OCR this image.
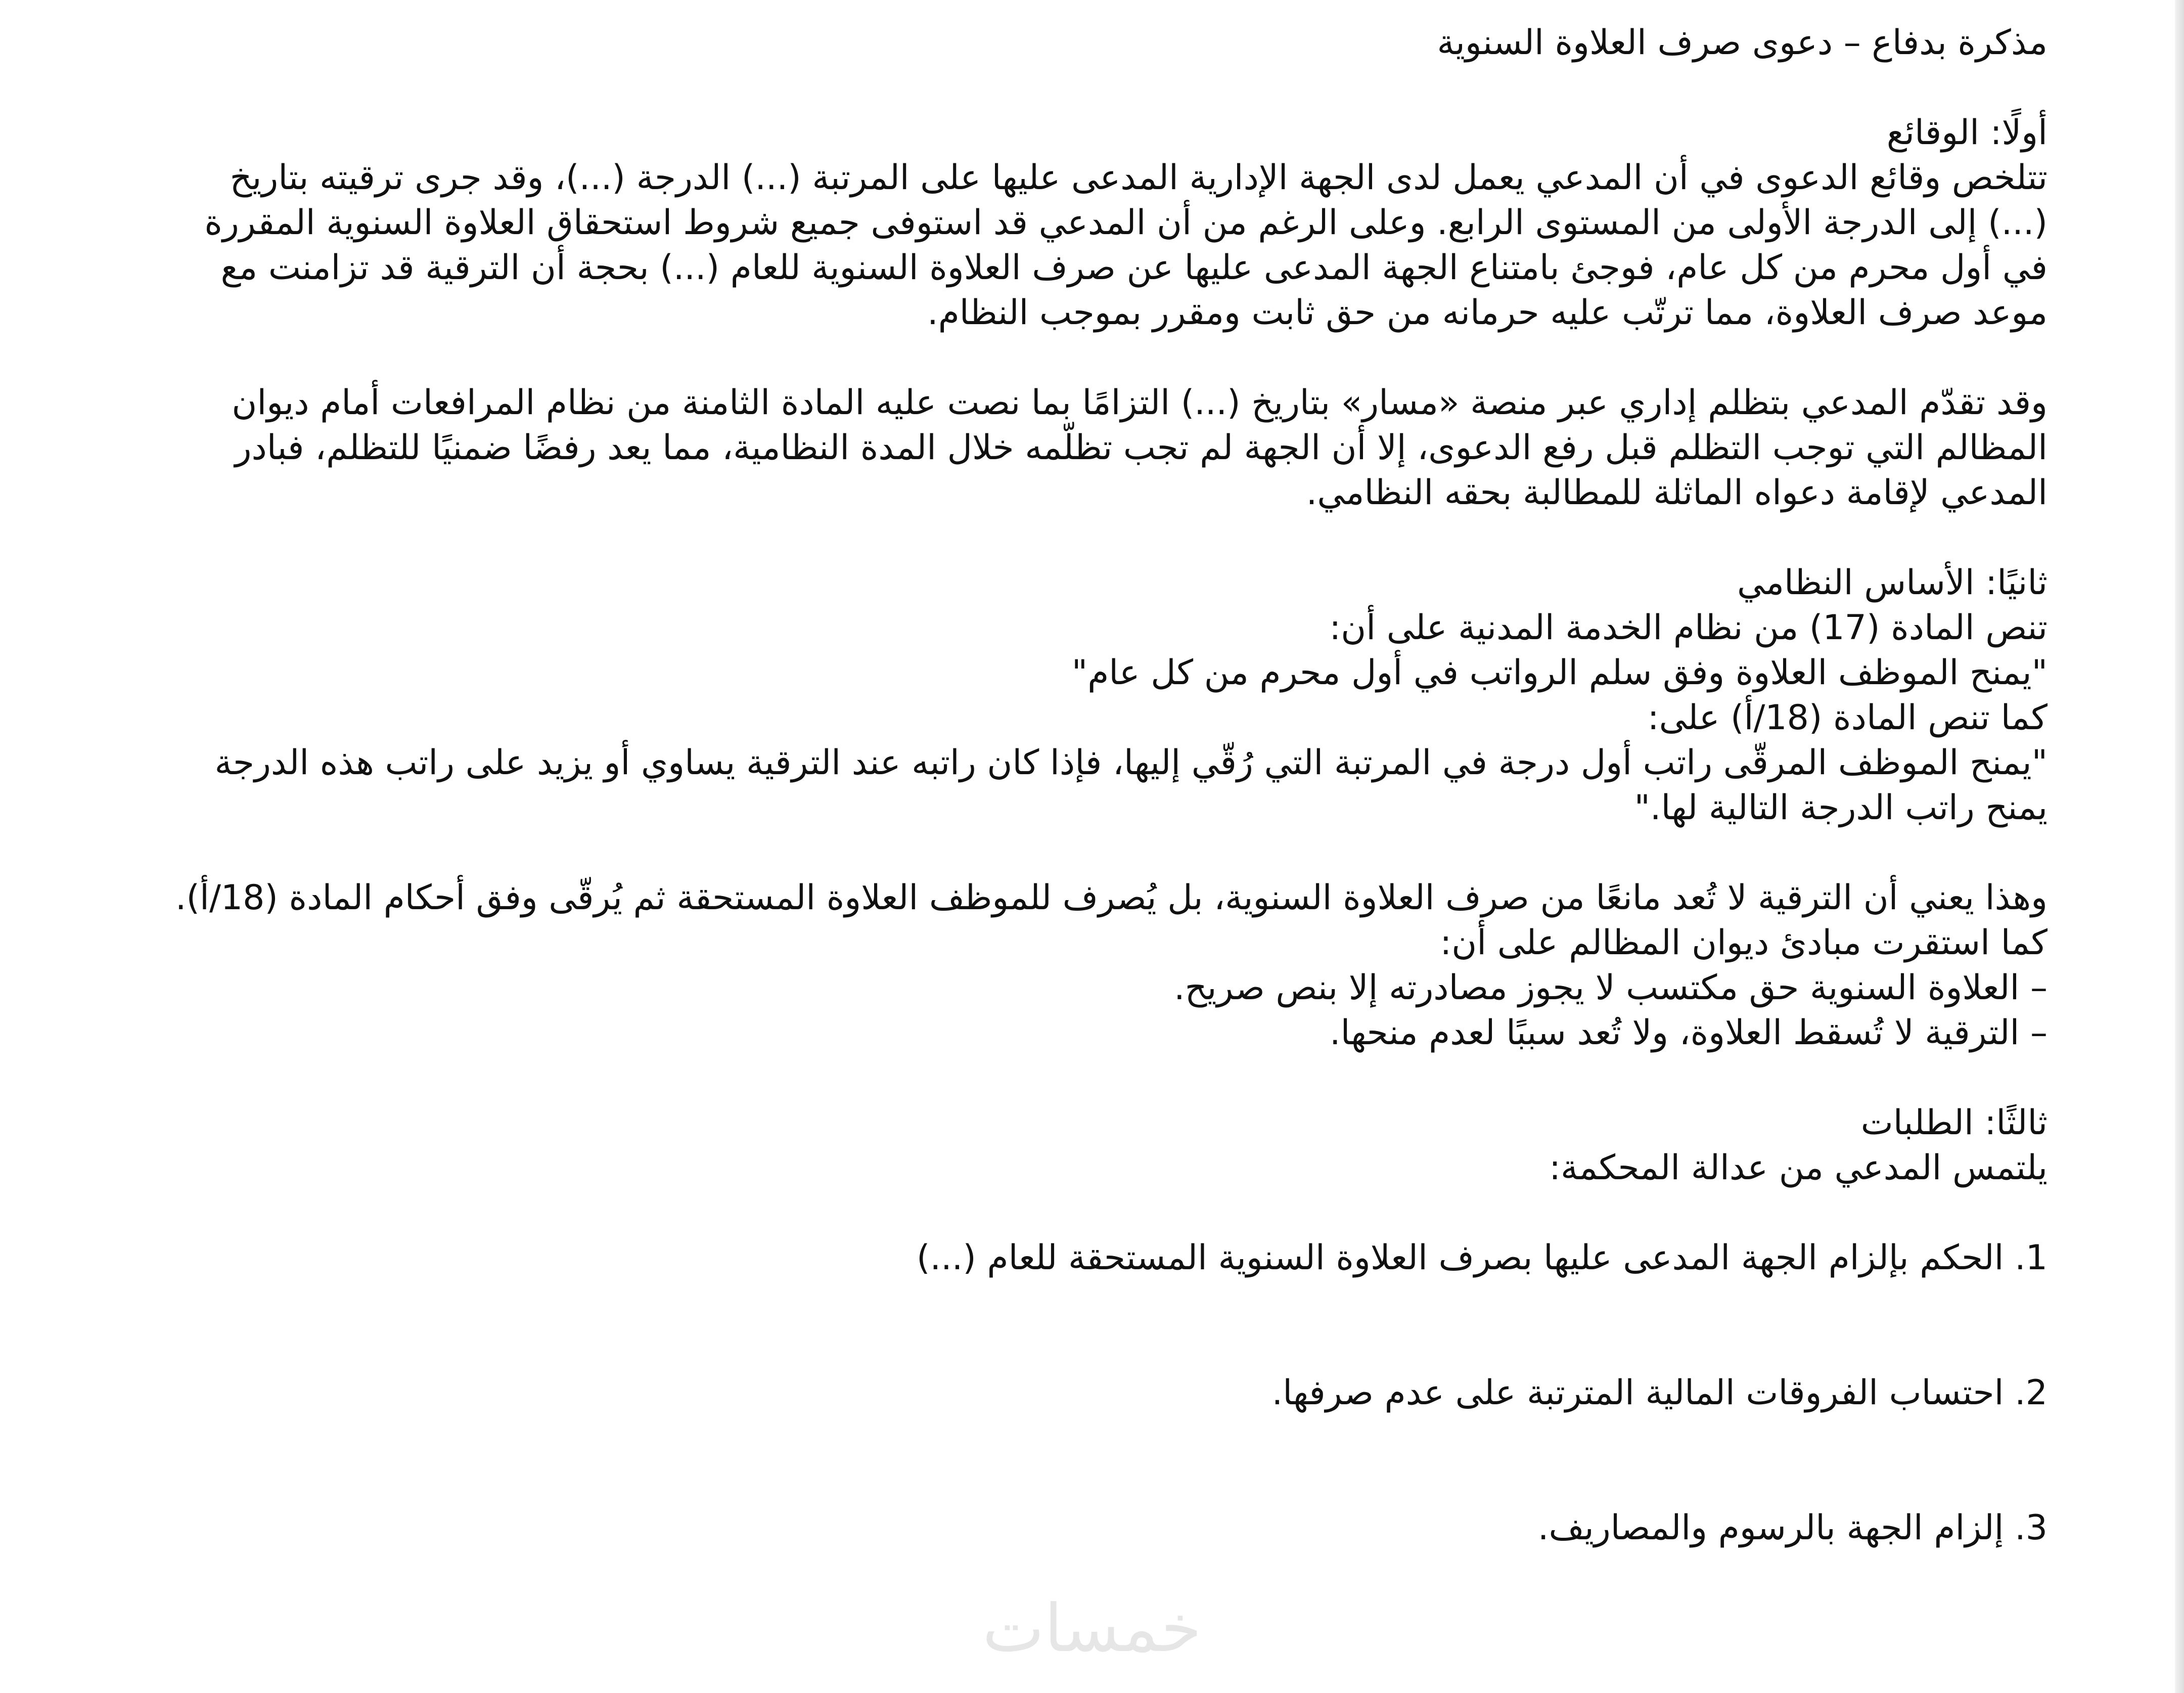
مذكرة بدفاع – دعوى صرف العلاوة السنوية
أولًا: الوقائع
تتلخص وقائع الدعوى في أن المدعي يعمل لدى الجهة الإدارية المدعى عليها على المرتبة (...) الدرجة (...)، وقد جرى ترقيته بتاريخ
(...) إلى الدرجة الأولى من المستوى الرابع. وعلى الرغم من أن المدعي قد استوفى جميع شروط استحقاق العلاوة السنوية المقررة
في أول محرم من كل عام، فوجئ بامتناع الجهة المدعى عليها عن صرف العلاوة السنوية للعام (...) بحجة أن الترقية قد تزامنت مع
موعد صرف العلاوة، مما ترتّب عليه حرمانه من حق ثابت ومقرر بموجب النظام.
وقد تقدّم المدعي بتظلم إداري عبر منصة «مسار» بتاريخ (...) التزامًا بما نصت عليه المادة الثامنة من نظام المرافعات أمام ديوان
المظالم التي توجب التظلم قبل رفع الدعوى، إلا أن الجهة لم تجب تظلّمه خلال المدة النظامية، مما يعد رفضًا ضمنيًا للتظلم، فبادر
المدعي لإقامة دعواه الماثلة للمطالبة بحقه النظامي.
ثانيًا: الأساس النظامي
تنص المادة (17) من نظام الخدمة المدنية على أن:
"يمنح الموظف العلاوة وفق سلم الرواتب في أول محرم من كل عام"
كما تنص المادة (18/أ) على:
"يمنح الموظف المرقّى راتب أول درجة في المرتبة التي رُقّي إليها، فإذا كان راتبه عند الترقية يساوي أو يزيد على راتب هذه الدرجة
يمنح راتب الدرجة التالية لها."
وهذا يعني أن الترقية لا تُعد مانعًا من صرف العلاوة السنوية، بل يُصرف للموظف العلاوة المستحقة ثم يُرقّى وفق أحكام المادة (18/أ).
كما استقرت مبادئ ديوان المظالم على أن:
– العلاوة السنوية حق مكتسب لا يجوز مصادرته إلا بنص صريح.
– الترقية لا تُسقط العلاوة، ولا تُعد سببًا لعدم منحها.
ثالثًا: الطلبات
يلتمس المدعي من عدالة المحكمة:
1. الحكم بإلزام الجهة المدعى عليها بصرف العلاوة السنوية المستحقة للعام (...)
2. احتساب الفروقات المالية المترتبة على عدم صرفها.
3. إلزام الجهة بالرسوم والمصاريف.
خمسات
